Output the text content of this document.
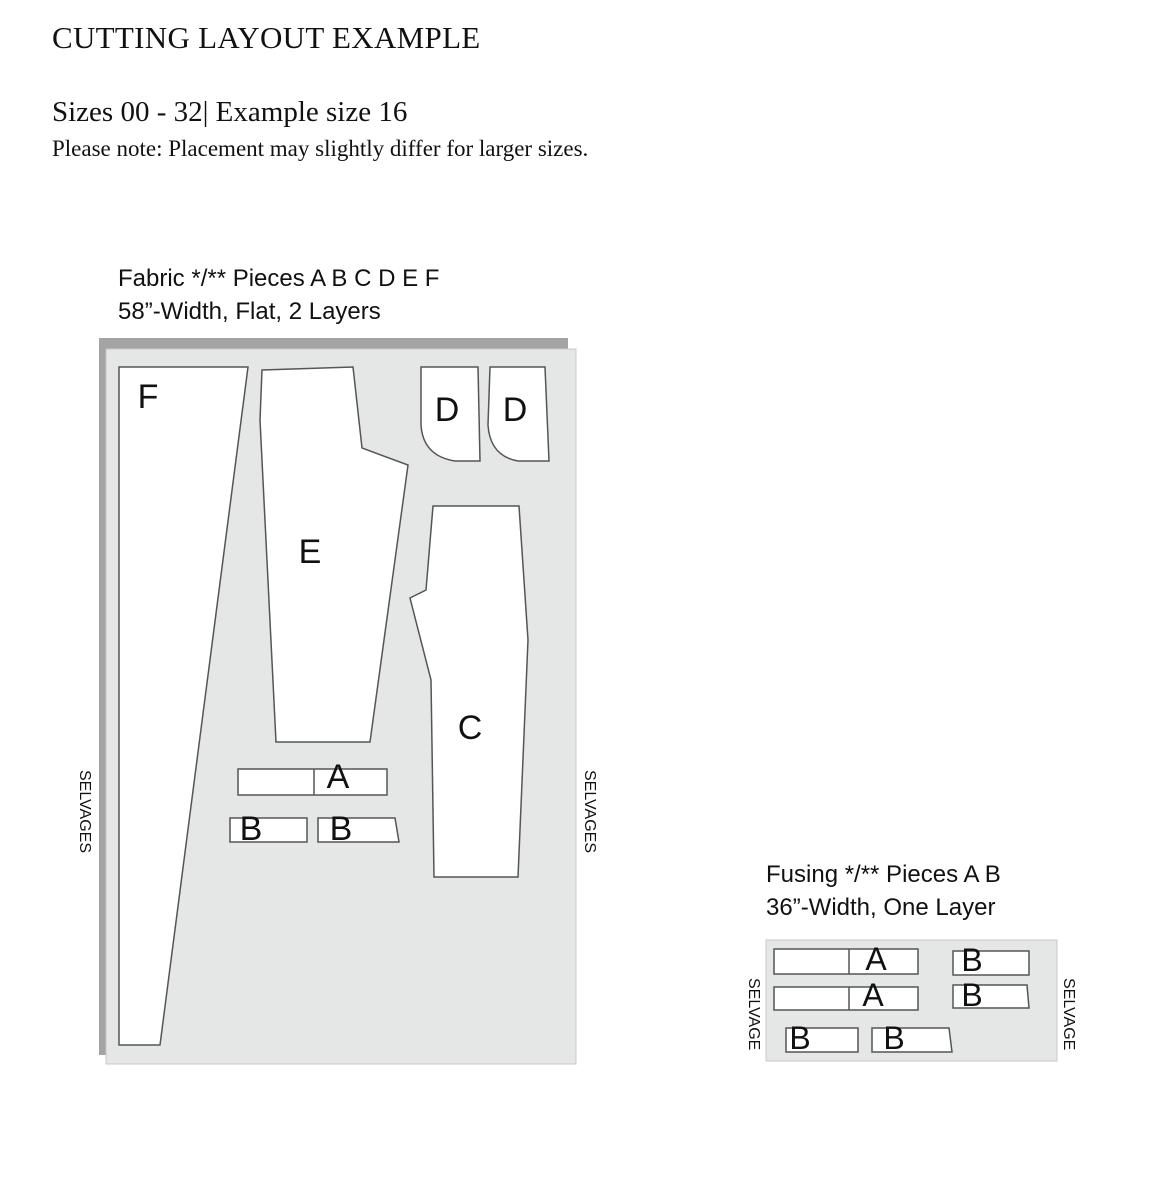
CUTTING LAYOUT EXAMPLE
Sizes 00 - 32| Example size 16
Please note: Placement may slightly differ for larger sizes.
Fabric */** Pieces A B C D E F
58”-Width, Flat, 2 Layers
Fusing */** Pieces A B
36”-Width, One Layer
F
E
D D
C
A
B B
SELVAGES	SELVAGES
A
A
B
B
B B
SELVAGE	SELVAGE
